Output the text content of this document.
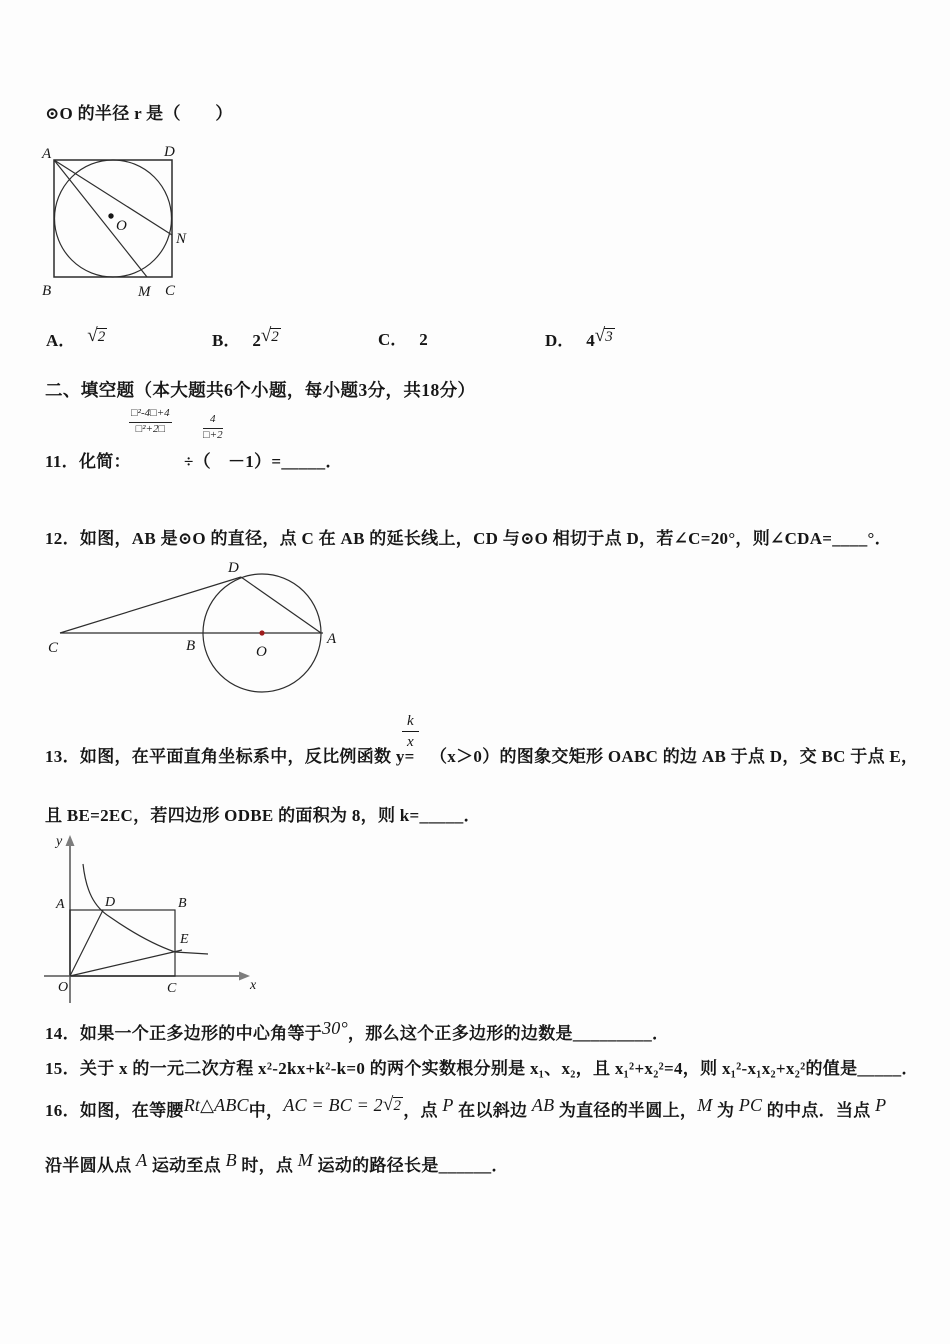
⊙O 的半径 r 是（　　）
A	D
N
B	M C
O
A． √2	B． 2√2	C． 2	D． 4√3
二、填空题（本大题共6个小题，每小题3分，共18分）
$\frac{\text{□²-4□+4}}{\text{□²+2□}}$	$\frac{4}{□+2}$
11．化简：	÷（ －1）=_____．
12．如图，AB 是⊙O 的直径，点 C 在 AB 的延长线上，CD 与⊙O 相切于点 D，若∠C=20°，则∠CDA=____°．
D
C	B	O
A
13．如图，在平面直角坐标系中，反比例函数 y=
$\frac{k}{x}$
（x＞0）的图象交矩形 OABC 的边 AB 于点 D，交 BC 于点 E，
且 BE=2EC，若四边形 ODBE 的面积为 8，则 k=_____．
y
x
O
A	D	B
C
E
14．如果一个正多边形的中心角等于30°，那么这个正多边形的边数是_________．
15．关于 x 的一元二次方程 x²-2kx+k²-k=0 的两个实数根分别是 x₁、x₂，且 x₁²+x₂²=4，则 x₁²-x₁x₂+x₂²的值是_____．
16．如图，在等腰Rt△ABC中，AC = BC = 2√2 ，点 P 在以斜边 AB 为直径的半圆上，M 为 PC 的中点．当点 P
沿半圆从点 A 运动至点 B 时，点 M 运动的路径长是______．
